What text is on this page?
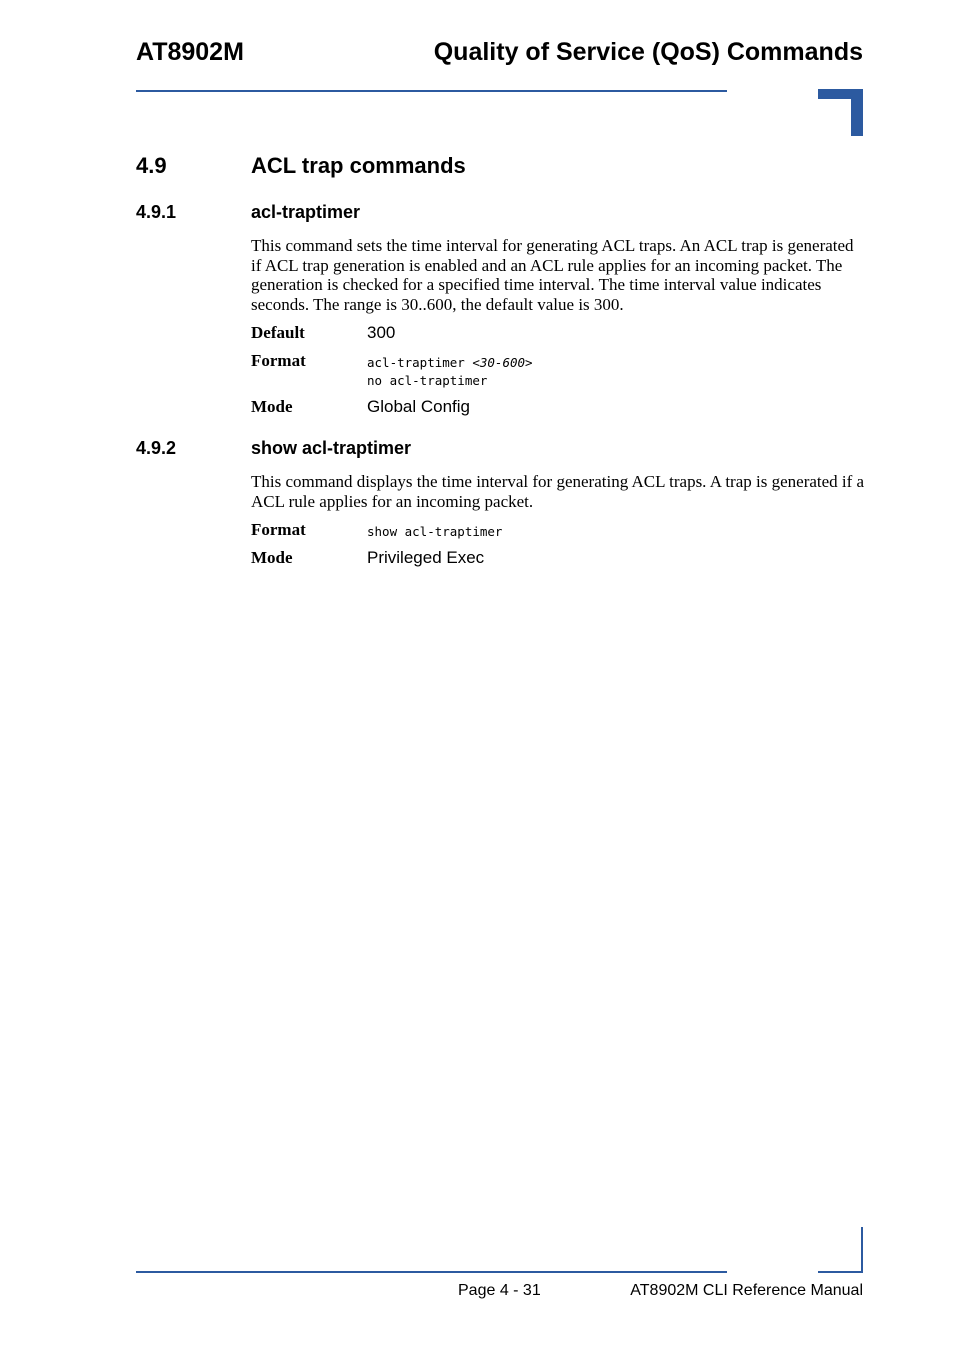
AT8902M	Quality of Service (QoS) Commands
4.9	ACL trap commands
4.9.1	acl-traptimer
This command sets the time interval for generating ACL traps. An ACL trap is generated if ACL trap generation is enabled and an ACL rule applies for an incoming packet. The generation is checked for a specified time interval. The time interval value indicates seconds. The range is 30..600, the default value is 300.
Default	300
Format	acl-traptimer <30-600>
no acl-traptimer
Mode	Global Config
4.9.2	show acl-traptimer
This command displays the time interval for generating ACL traps. A trap is generated if a ACL rule applies for an incoming packet.
Format	show acl-traptimer
Mode	Privileged Exec
Page 4 - 31	AT8902M CLI Reference Manual
